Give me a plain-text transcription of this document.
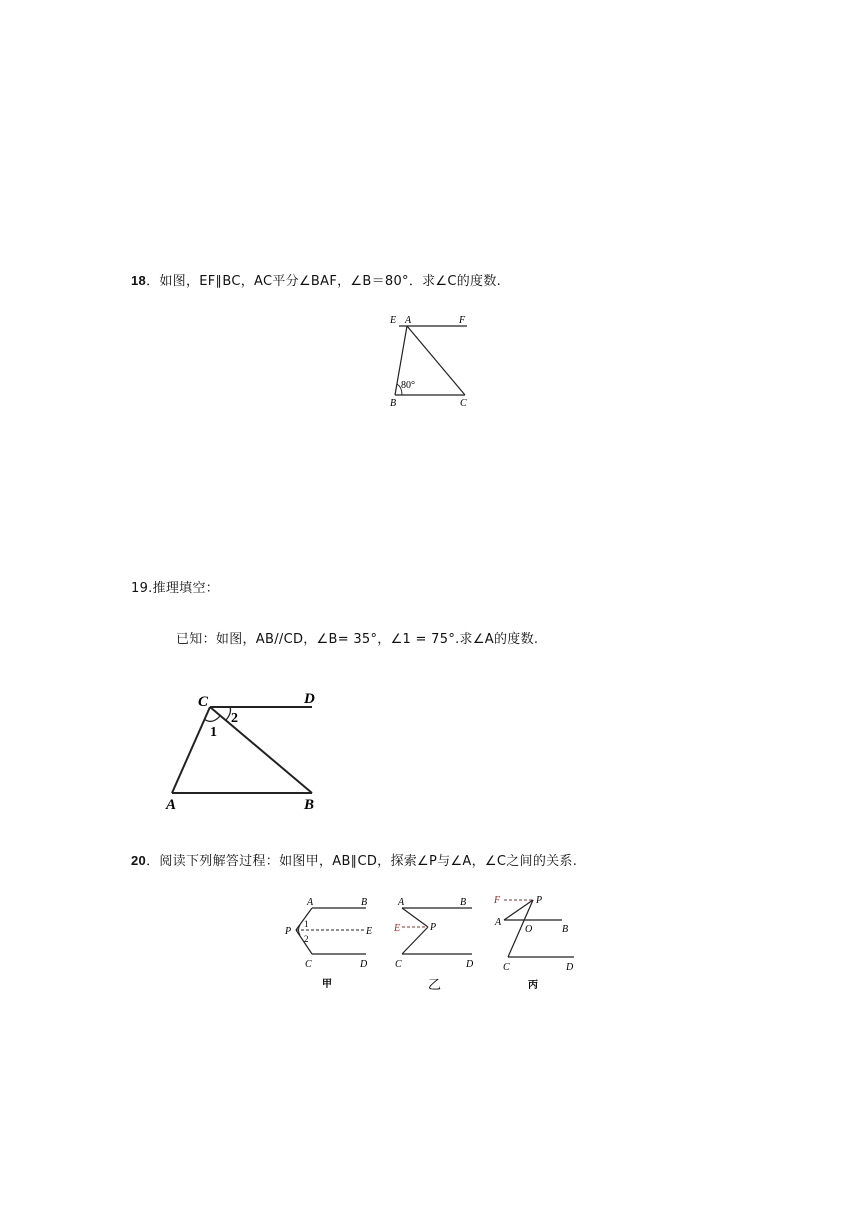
18．如图，EF∥BC，AC平分∠BAF，∠B＝80°．求∠C的度数.
E A	F
B	C
80°
19.推理填空：
已知：如图，AB//CD，∠B= 35°，∠1 = 75°.求∠A的度数.
C	D
A	B
1
2
20．阅读下列解答过程：如图甲，AB∥CD，探索∠P与∠A，∠C之间的关系.
A	B
P
1
2
E
C	D
甲
A	B
E	P
C	D
乙
F	P
A
O	B
C	D
丙
